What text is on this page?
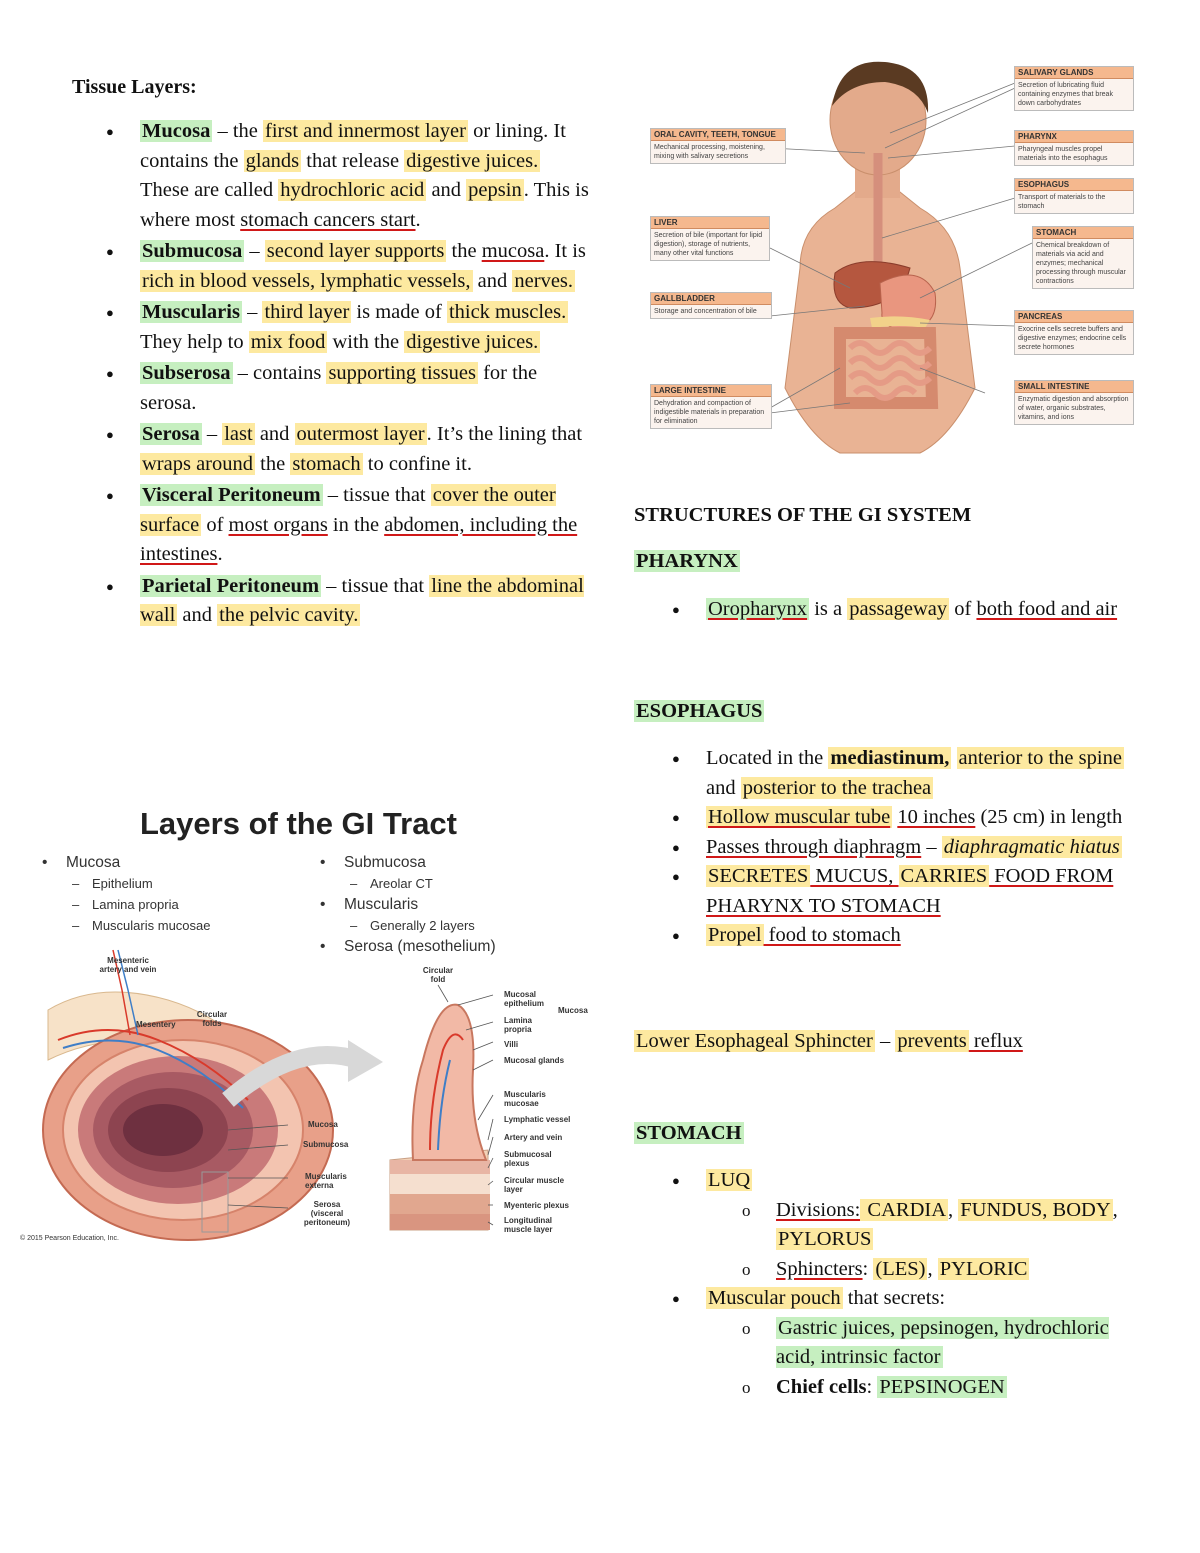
Tissue Layers:
● Mucosa – the first and innermost layer or lining. It contains the glands that release digestive juices. These are called hydrochloric acid and pepsin. This is where most stomach cancers start.
● Submucosa – second layer supports the mucosa. It is rich in blood vessels, lymphatic vessels, and nerves.
● Muscularis – third layer is made of thick muscles. They help to mix food with the digestive juices.
● Subserosa – contains supporting tissues for the serosa.
● Serosa – last and outermost layer. It’s the lining that wraps around the stomach to confine it.
● Visceral Peritoneum – tissue that cover the outer surface of most organs in the abdomen, including the intestines.
● Parietal Peritoneum – tissue that line the abdominal wall and the pelvic cavity.
Layers of the GI Tract
• Mucosa
– Epithelium
– Lamina propria
– Muscularis mucosae
• Submucosa
– Areolar CT
• Muscularis
– Generally 2 layers
• Serosa (mesothelium)
Mesenteric artery and vein
Mesentery
Circular folds
Circular fold
Mucosa
Submucosa
Muscularis externa
Serosa (visceral peritoneum)
Mucosal epithelium
Mucosa
Lamina propria
Villi
Mucosal glands
Muscularis mucosae
Lymphatic vessel
Artery and vein
Submucosal plexus
Circular muscle layer
Myenteric plexus
Longitudinal muscle layer
© 2015 Pearson Education, Inc.
SALIVARY GLANDS
Secretion of lubricating fluid containing enzymes that break down carbohydrates
ORAL CAVITY, TEETH, TONGUE
Mechanical processing, moistening, mixing with salivary secretions
PHARYNX
Pharyngeal muscles propel materials into the esophagus
ESOPHAGUS
Transport of materials to the stomach
LIVER
Secretion of bile (important for lipid digestion), storage of nutrients, many other vital functions
STOMACH
Chemical breakdown of materials via acid and enzymes; mechanical processing through muscular contractions
GALLBLADDER
Storage and concentration of bile
PANCREAS
Exocrine cells secrete buffers and digestive enzymes; endocrine cells secrete hormones
LARGE INTESTINE
Dehydration and compaction of indigestible materials in preparation for elimination
SMALL INTESTINE
Enzymatic digestion and absorption of water, organic substrates, vitamins, and ions
STRUCTURES OF THE GI SYSTEM
PHARYNX
● Oropharynx is a passageway of both food and air
ESOPHAGUS
● Located in the mediastinum, anterior to the spine and posterior to the trachea
● Hollow muscular tube 10 inches (25 cm) in length
● Passes through diaphragm – diaphragmatic hiatus
● SECRETES MUCUS, CARRIES FOOD FROM PHARYNX TO STOMACH
● Propel food to stomach

Lower Esophageal Sphincter – prevents reflux

STOMACH
● LUQ
o Divisions: CARDIA, FUNDUS, BODY, PYLORUS
o Sphincters: (LES), PYLORIC
● Muscular pouch that secrets:
o Gastric juices, pepsinogen, hydrochloric acid, intrinsic factor
o Chief cells: PEPSINOGEN
